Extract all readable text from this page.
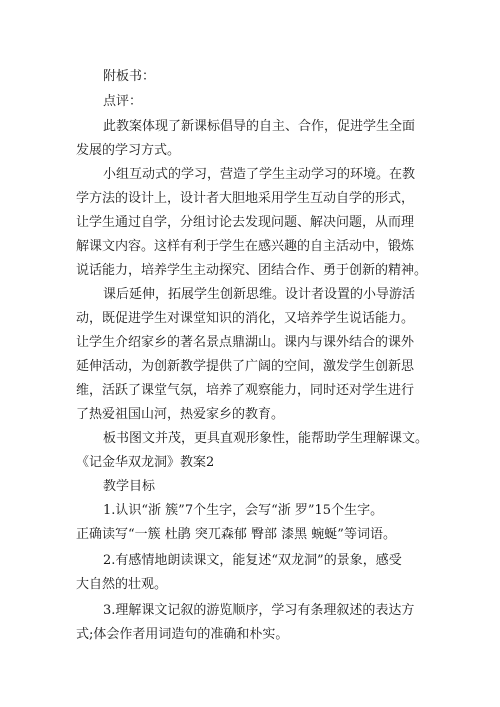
附板书：
点评：
此教案体现了新课标倡导的自主、合作，促进学生全面
发展的学习方式。
小组互动式的学习，营造了学生主动学习的环境。在教
学方法的设计上，设计者大胆地采用学生互动自学的形式，
让学生通过自学，分组讨论去发现问题、解决问题，从而理
解课文内容。这样有利于学生在感兴趣的自主活动中，锻炼
说话能力，培养学生主动探究、团结合作、勇于创新的精神。
课后延伸，拓展学生创新思维。设计者设置的小导游活
动，既促进学生对课堂知识的消化，又培养学生说话能力。
让学生介绍家乡的著名景点鼎湖山。课内与课外结合的课外
延伸活动，为创新教学提供了广阔的空间，激发学生创新思
维，活跃了课堂气氛，培养了观察能力，同时还对学生进行
了热爱祖国山河，热爱家乡的教育。
板书图文并茂，更具直观形象性，能帮助学生理解课文。
《记金华双龙洞》教案2
教学目标
1.认识“浙 簇”7个生字，会写“浙 罗”15个生字。
正确读写“一簇 杜鹃 突兀森郁 臀部 漆黑 蜿蜒”等词语。
2.有感情地朗读课文，能复述“双龙洞”的景象，感受
大自然的壮观。
3.理解课文记叙的游览顺序，学习有条理叙述的表达方
式;体会作者用词造句的准确和朴实。
